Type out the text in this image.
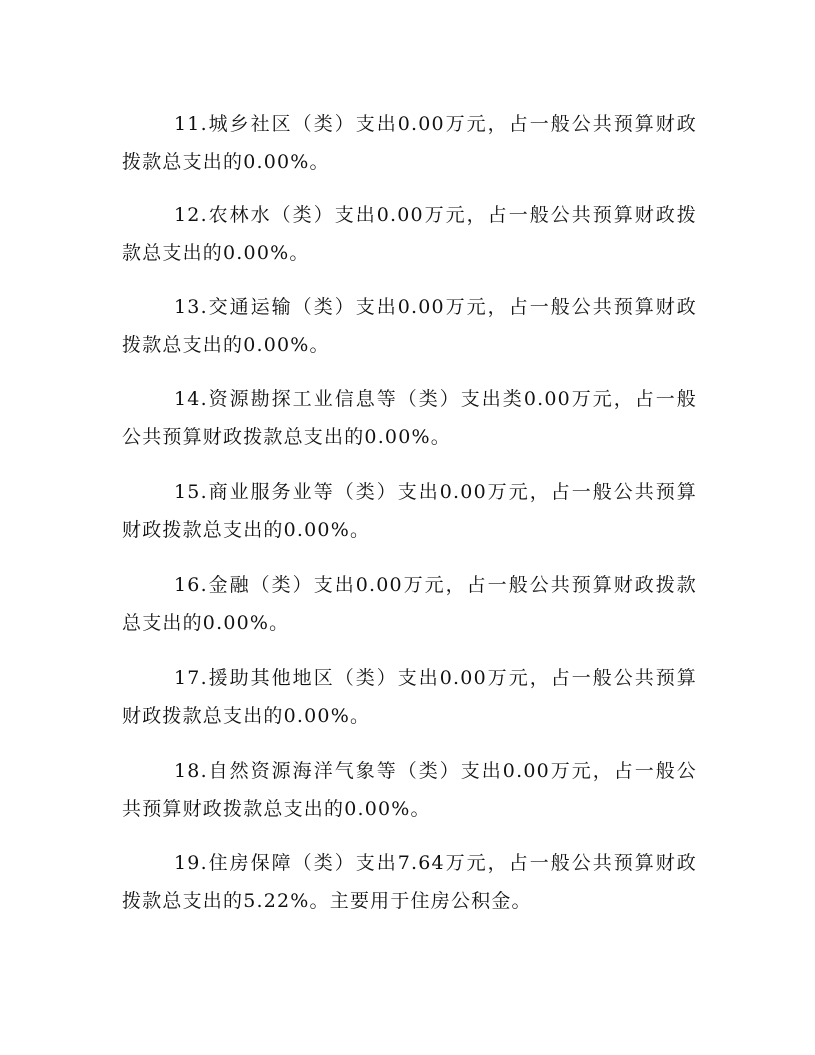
11.城乡社区（类）支出0.00万元，占一般公共预算财政拨款总支出的0.00%。

12.农林水（类）支出0.00万元，占一般公共预算财政拨款总支出的0.00%。

13.交通运输（类）支出0.00万元，占一般公共预算财政拨款总支出的0.00%。

14.资源勘探工业信息等（类）支出类0.00万元，占一般公共预算财政拨款总支出的0.00%。

15.商业服务业等（类）支出0.00万元，占一般公共预算财政拨款总支出的0.00%。

16.金融（类）支出0.00万元，占一般公共预算财政拨款总支出的0.00%。

17.援助其他地区（类）支出0.00万元，占一般公共预算财政拨款总支出的0.00%。

18.自然资源海洋气象等（类）支出0.00万元，占一般公共预算财政拨款总支出的0.00%。

19.住房保障（类）支出7.64万元，占一般公共预算财政拨款总支出的5.22%。主要用于住房公积金。
